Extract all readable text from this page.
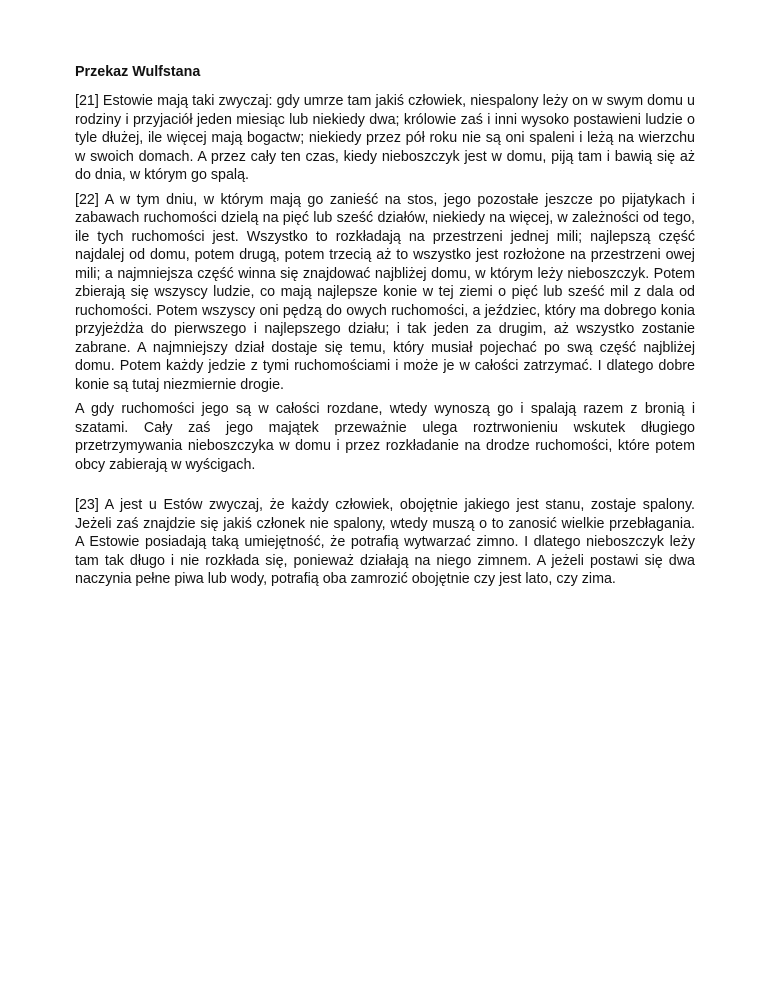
Przekaz Wulfstana

[21] Estowie mają taki zwyczaj: gdy umrze tam jakiś człowiek, niespalony leży on w swym domu u rodziny i przyjaciół jeden miesiąc lub niekiedy dwa; królowie zaś i inni wysoko postawieni ludzie o tyle dłużej, ile więcej mają bogactw; niekiedy przez pół roku nie są oni spaleni i leżą na wierzchu w swoich domach. A przez cały ten czas, kiedy nieboszczyk jest w domu, piją tam i bawią się aż do dnia, w którym go spalą.

[22] A w tym dniu, w którym mają go zanieść na stos, jego pozostałe jeszcze po pijatykach i zabawach ruchomości dzielą na pięć lub sześć działów, niekiedy na więcej, w zależności od tego, ile tych ruchomości jest. Wszystko to rozkładają na przestrzeni jednej mili; najlepszą część najdalej od domu, potem drugą, potem trzecią aż to wszystko jest rozłożone na przestrzeni owej mili; a najmniejsza część winna się znajdować najbliżej domu, w którym leży nieboszczyk. Potem zbierają się wszyscy ludzie, co mają najlepsze konie w tej ziemi o pięć lub sześć mil z dala od ruchomości. Potem wszyscy oni pędzą do owych ruchomości, a jeździec, który ma dobrego konia przyjeżdża do pierwszego i najlepszego działu; i tak jeden za drugim, aż wszystko zostanie zabrane. A najmniejszy dział dostaje się temu, który musiał pojechać po swą część najbliżej domu. Potem każdy jedzie z tymi ruchomościami i może je w całości zatrzymać. I dlatego dobre konie są tutaj niezmiernie drogie.

A gdy ruchomości jego są w całości rozdane, wtedy wynoszą go i spalają razem z bronią i szatami. Cały zaś jego majątek przeważnie ulega roztrwonieniu wskutek długiego przetrzymywania nieboszczyka w domu i przez rozkładanie na drodze ruchomości, które potem obcy zabierają w wyścigach.

[23] A jest u Estów zwyczaj, że każdy człowiek, obojętnie jakiego jest stanu, zostaje spalony. Jeżeli zaś znajdzie się jakiś członek nie spalony, wtedy muszą o to zanosić wielkie przebłagania. A Estowie posiadają taką umiejętność, że potrafią wytwarzać zimno. I dlatego nieboszczyk leży tam tak długo i nie rozkłada się, ponieważ działają na niego zimnem. A jeżeli postawi się dwa naczynia pełne piwa lub wody, potrafią oba zamrozić obojętnie czy jest lato, czy zima.
